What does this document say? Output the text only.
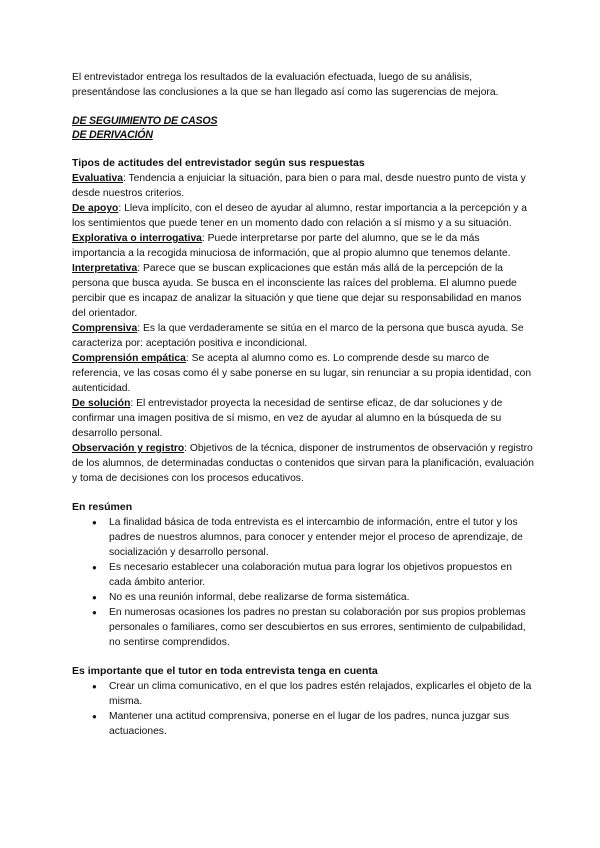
El entrevistador entrega los resultados de la evaluación efectuada, luego de su análisis, presentándose las conclusiones a la que se han llegado así como las sugerencias de mejora.

DE SEGUIMIENTO DE CASOS

DE DERIVACIÓN

Tipos de actitudes del entrevistador según sus respuestas

Evaluativa: Tendencia a enjuiciar la situación, para bien o para mal, desde nuestro punto de vista y desde nuestros criterios.

De apoyo: Lleva implícito, con el deseo de ayudar al alumno, restar importancia a la percepción y a los sentimientos que puede tener en un momento dado con relación a sí mismo y a su situación.

Explorativa o interrogativa: Puede interpretarse por parte del alumno, que se le da más importancia a la recogida minuciosa de información, que al propio alumno que tenemos delante.

Interpretativa: Parece que se buscan explicaciones que están más allá de la percepción de la persona que busca ayuda. Se busca en el inconsciente las raíces del problema. El alumno puede percibir que es incapaz de analizar la situación y que tiene que dejar su responsabilidad en manos del orientador.

Comprensiva: Es la que verdaderamente se sitúa en el marco de la persona que busca ayuda. Se caracteriza por: aceptación positiva e incondicional.

Comprensión empática: Se acepta al alumno como es. Lo comprende desde su marco de referencia, ve las cosas como él y sabe ponerse en su lugar, sin renunciar a su propia identidad, con autenticidad.

De solución: El entrevistador proyecta la necesidad de sentirse eficaz, de dar soluciones y de confirmar una imagen positiva de sí mismo, en vez de ayudar al alumno en la búsqueda de su desarrollo personal.

Observación y registro: Objetivos de la técnica, disponer de instrumentos de observación y registro de los alumnos, de determinadas conductas o contenidos que sirvan para la planificación, evaluación y toma de decisiones con los procesos educativos.

En resúmen

● La finalidad básica de toda entrevista es el intercambio de información, entre el tutor y los padres de nuestros alumnos, para conocer y entender mejor el proceso de aprendizaje, de socialización y desarrollo personal.
● Es necesario establecer una colaboración mutua para lograr los objetivos propuestos en cada ámbito anterior.
● No es una reunión informal, debe realizarse de forma sistemática.
● En numerosas ocasiones los padres no prestan su colaboración por sus propios problemas personales o familiares, como ser descubiertos en sus errores, sentimiento de culpabilidad, no sentirse comprendidos.

Es importante que el tutor en toda entrevista tenga en cuenta

● Crear un clima comunicativo, en el que los padres estén relajados, explicarles el objeto de la misma.
● Mantener una actitud comprensiva, ponerse en el lugar de los padres, nunca juzgar sus actuaciones.
